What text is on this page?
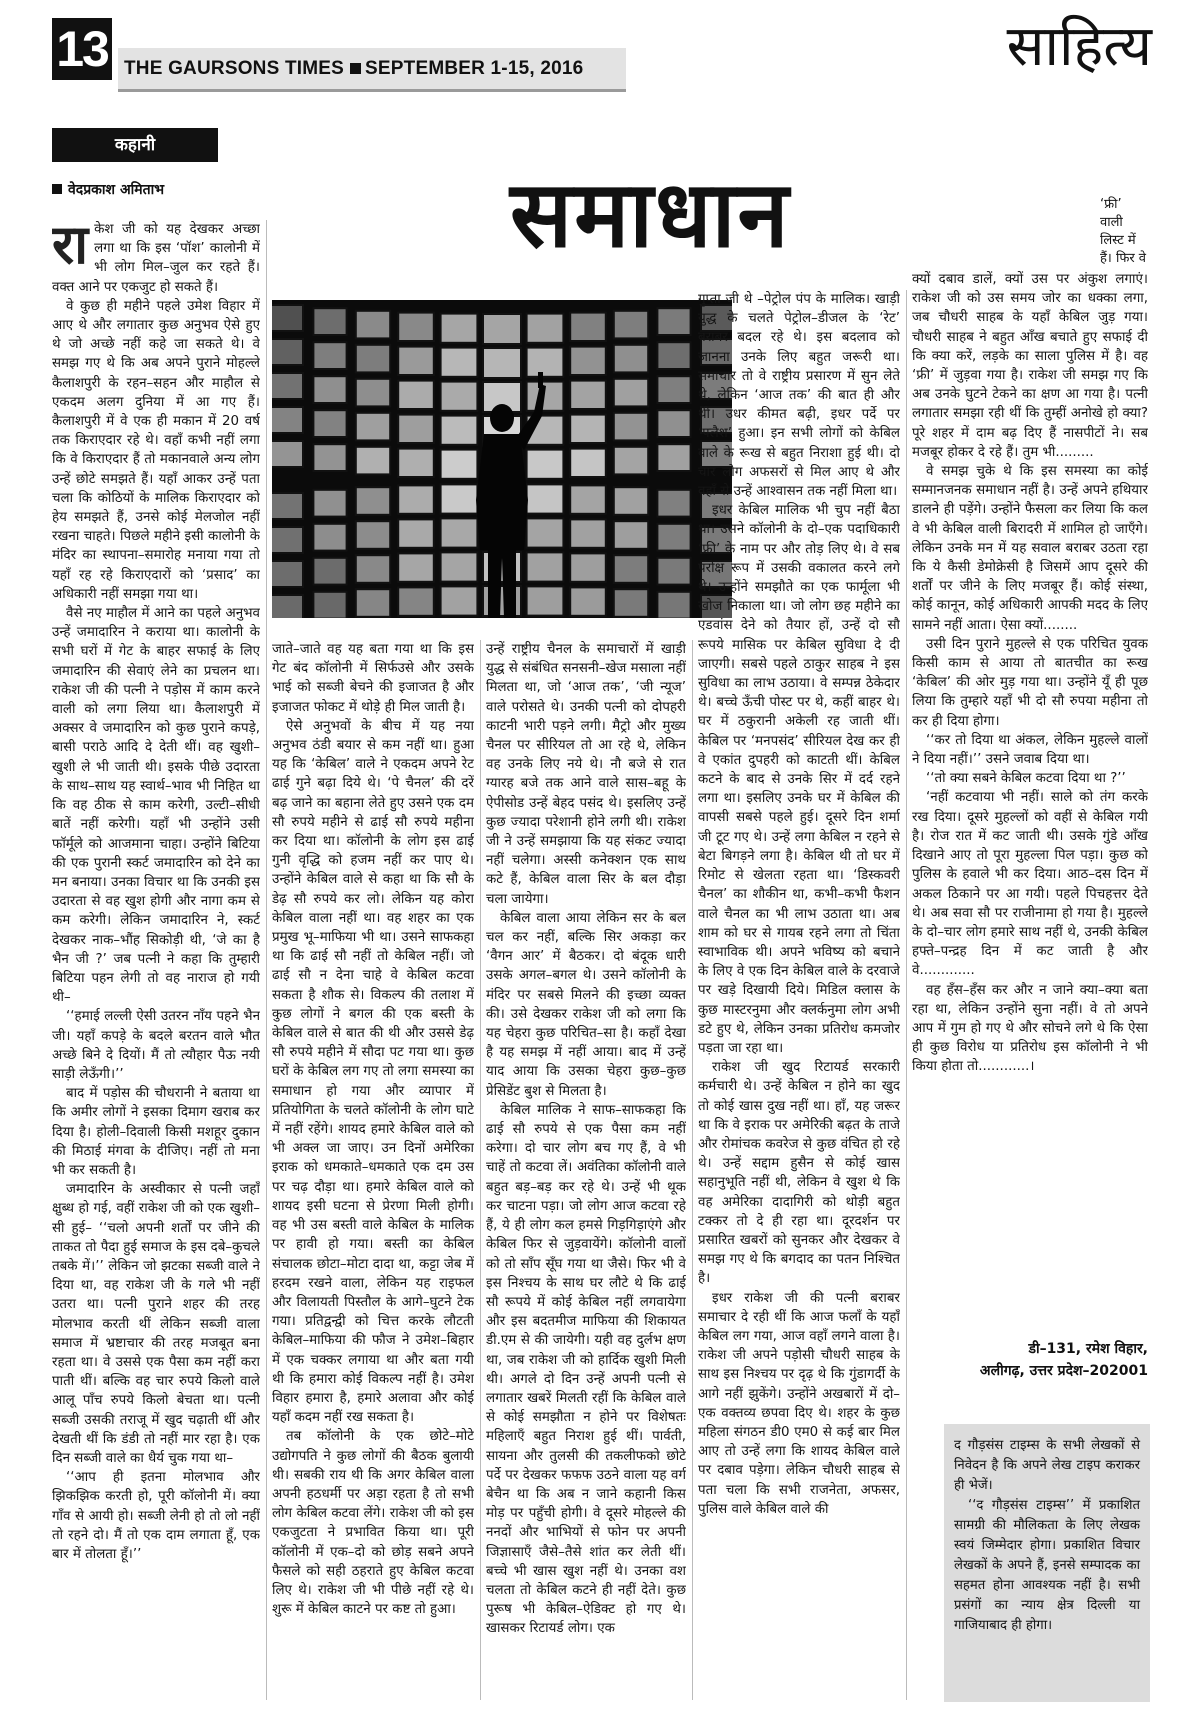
13 THE GAURSONS TIMES SEPTEMBER 1-15, 2016	साहित्य
कहानी
वेदप्रकाश अमिताभ	समाधान

राकेश जी को यह देखकर अच्छा लगा था कि इस ‘पॉश’ कालोनी में भी लोग मिल–जुल कर रहते हैं। वक्त आने पर एकजुट हो सकते हैं।

वे कुछ ही महीने पहले उमेश विहार में आए थे और लगातार कुछ अनुभव ऐसे हुए थे जो अच्छे नहीं कहे जा सकते थे। वे समझ गए थे कि अब अपने पुराने मोहल्ले कैलाशपुरी के रहन–सहन और माहौल से एकदम अलग दुनिया में आ गए हैं। कैलाशपुरी में वे एक ही मकान में 20 वर्ष तक किराएदार रहे थे। वहाँ कभी नहीं लगा कि वे किराएदार हैं तो मकानवाले अन्य लोग उन्हें छोटे समझते हैं। यहाँ आकर उन्हें पता चला कि कोठियों के मालिक किराएदार को हेय समझते हैं, उनसे कोई मेलजोल नहीं रखना चाहते। पिछले महीने इसी कालोनी के मंदिर का स्थापना–समारोह मनाया गया तो यहाँ रह रहे किराएदारों को ‘प्रसाद’ का अधिकारी नहीं समझा गया था।

वैसे नए माहौल में आने का पहले अनुभव उन्हें जमादारिन ने कराया था। कालोनी के सभी घरों में गेट के बाहर सफाई के लिए जमादारिन की सेवाएं लेने का प्रचलन था। राकेश जी की पत्नी ने पड़ोस में काम करने वाली को लगा लिया था। कैलाशपुरी में अक्सर वे जमादारिन को कुछ पुराने कपड़े, बासी पराठे आदि दे देती थीं। वह खुशी–खुशी ले भी जाती थी। इसके पीछे उदारता के साथ–साथ यह स्वार्थ–भाव भी निहित था कि वह ठीक से काम करेगी, उल्टी–सीधी बातें नहीं करेगी। यहाँ भी उन्होंने उसी फॉर्मूले को आजमाना चाहा। उन्होंने बिटिया की एक पुरानी स्कर्ट जमादारिन को देने का मन बनाया। उनका विचार था कि उनकी इस उदारता से वह खुश होगी और नागा कम से कम करेगी। लेकिन जमादारिन ने, स्कर्ट देखकर नाक–भौंह सिकोड़ी थी, ‘जे का है भैन जी ?’ जब पत्नी ने कहा कि तुम्हारी बिटिया पहन लेगी तो वह नाराज हो गयी थी–

‘‘हमाई लल्ली ऐसी उतरन नाँय पहने भैन जी। यहाँ कपड़े के बदले बरतन वाले भौत अच्छे बिने दे दियों। मैं तो त्यौहार पैऊ नयी साड़ी लेऊँगी।’’

बाद में पड़ोस की चौधरानी ने बताया था कि अमीर लोगों ने इसका दिमाग खराब कर दिया है। होली–दिवाली किसी मशहूर दुकान की मिठाई मंगवा के दीजिए। नहीं तो मना भी कर सकती है।

जमादारिन के अस्वीकार से पत्नी जहाँ क्षुब्ध हो गई, वहीं राकेश जी को एक खुशी–सी हुई– ‘‘चलो अपनी शर्तों पर जीने की ताकत तो पैदा हुई समाज के इस दबे–कुचले तबके में।’’ लेकिन जो झटका सब्जी वाले ने दिया था, वह राकेश जी के गले भी नहीं उतरा था। पत्नी पुराने शहर की तरह मोलभाव करती थीं लेकिन सब्जी वाला समाज में भ्रष्टाचार की तरह मजबूत बना रहता था। वे उससे एक पैसा कम नहीं करा पाती थीं। बल्कि वह चार रुपये किलो वाले आलू पाँच रुपये किलो बेचता था। पत्नी सब्जी उसकी तराजू में खुद चढ़ाती थीं और देखती थीं कि डंडी तो नहीं मार रहा है। एक दिन सब्जी वाले का धैर्य चुक गया था–

‘‘आप ही इतना मोलभाव और झिकझिक करती हो, पूरी कॉलोनी में। क्या गाँव से आयी हो। सब्जी लेनी हो तो लो नहीं तो रहने दो। मैं तो एक दाम लगाता हूँ, एक बार में तोलता हूँ।’’

जाते–जाते वह यह बता गया था कि इस गेट बंद कॉलोनी में सिर्फउसे और उसके भाई को सब्जी बेचने की इजाजत है और इजाजत फोकट में थोड़े ही मिल जाती है।

ऐसे अनुभवों के बीच में यह नया अनुभव ठंडी बयार से कम नहीं था। हुआ यह कि ‘केबिल’ वाले ने एकदम अपने रेट ढाई गुने बढ़ा दिये थे। ‘पे चैनल’ की दरें बढ़ जाने का बहाना लेते हुए उसने एक दम सौ रुपये महीने से ढाई सौ रुपये महीना कर दिया था। कॉलोनी के लोग इस ढाई गुनी वृद्धि को हजम नहीं कर पाए थे। उन्होंने केबिल वाले से कहा था कि सौ के डेढ़ सौ रुपये कर लो। लेकिन यह कोरा केबिल वाला नहीं था। वह शहर का एक प्रमुख भू–माफिया भी था। उसने साफकहा था कि ढाई सौ नहीं तो केबिल नहीं। जो ढाई सौ न देना चाहे वे केबिल कटवा सकता है शौक से। विकल्प की तलाश में कुछ लोगों ने बगल की एक बस्ती के केबिल वाले से बात की थी और उससे डेढ़ सौ रुपये महीने में सौदा पट गया था। कुछ घरों के केबिल लग गए तो लगा समस्या का समाधान हो गया और व्यापार में प्रतियोगिता के चलते कॉलोनी के लोग घाटे में नहीं रहेंगे। शायद हमारे केबिल वाले को भी अक्ल जा जाए। उन दिनों अमेरिका इराक को धमकाते–धमकाते एक दम उस पर चढ़ दौड़ा था। हमारे केबिल वाले को शायद इसी घटना से प्रेरणा मिली होगी। वह भी उस बस्ती वाले केबिल के मालिक पर हावी हो गया। बस्ती का केबिल संचालक छोटा–मोटा दादा था, कट्टा जेब में हरदम रखने वाला, लेकिन यह राइफल और विलायती पिस्तौल के आगे–घुटने टेक गया। प्रतिद्वन्द्वी को चित्त करके लौटती केबिल–माफिया की फौज ने उमेश–बिहार में एक चक्कर लगाया था और बता गयी थी कि हमारा कोई विकल्प नहीं है। उमेश विहार हमारा है, हमारे अलावा और कोई यहाँ कदम नहीं रख सकता है।

तब कॉलोनी के एक छोटे–मोटे उद्योगपति ने कुछ लोगों की बैठक बुलायी थी। सबकी राय थी कि अगर केबिल वाला अपनी हठधर्मी पर अड़ा रहता है तो सभी लोग केबिल कटवा लेंगे। राकेश जी को इस एकजुटता ने प्रभावित किया था। पूरी कॉलोनी में एक–दो को छोड़ सबने अपने फैसले को सही ठहराते हुए केबिल कटवा लिए थे। राकेश जी भी पीछे नहीं रहे थे। शुरू में केबिल काटने पर कष्ट तो हुआ।

उन्हें राष्ट्रीय चैनल के समाचारों में खाड़ी युद्ध से संबंधित सनसनी–खेज मसाला नहीं मिलता था, जो ‘आज तक’, ‘जी न्यूज’ वाले परोसते थे। उनकी पत्नी को दोपहरी काटनी भारी पड़ने लगी। मैट्रो और मुख्य चैनल पर सीरियल तो आ रहे थे, लेकिन वह उनके लिए नये थे। नौ बजे से रात ग्यारह बजे तक आने वाले सास–बहू के ऐपीसोड उन्हें बेहद पसंद थे। इसलिए उन्हें कुछ ज्यादा परेशानी होने लगी थी। राकेश जी ने उन्हें समझाया कि यह संकट ज्यादा नहीं चलेगा। अस्सी कनेक्शन एक साथ कटे हैं, केबिल वाला सिर के बल दौड़ा चला जायेगा।

केबिल वाला आया लेकिन सर के बल चल कर नहीं, बल्कि सिर अकड़ा कर ‘वैगन आर’ में बैठकर। दो बंदूक धारी उसके अगल–बगल थे। उसने कॉलोनी के मंदिर पर सबसे मिलने की इच्छा व्यक्त की। उसे देखकर राकेश जी को लगा कि यह चेहरा कुछ परिचित–सा है। कहाँ देखा है यह समझ में नहीं आया। बाद में उन्हें याद आया कि उसका चेहरा कुछ–कुछ प्रेसिडेंट बुश से मिलता है।

केबिल मालिक ने साफ–साफकहा कि ढाई सौ रुपये से एक पैसा कम नहीं करेगा। दो चार लोग बच गए हैं, वे भी चाहें तो कटवा लें। अवंतिका कॉलोनी वाले बहुत बड़–बड़ कर रहे थे। उन्हें भी थूक कर चाटना पड़ा। जो लोग आज कटवा रहे हैं, ये ही लोग कल हमसे गिड़गिड़ाएंगे और केबिल फिर से जुड़वायेंगे। कॉलोनी वालों को तो साँप सूँघ गया था जैसे। फिर भी वे इस निश्चय के साथ घर लौटे थे कि ढाई सौ रूपये में कोई केबिल नहीं लगवायेगा और इस बदतमीज माफिया की शिकायत डी.एम से की जायेगी। यही वह दुर्लभ क्षण था, जब राकेश जी को हार्दिक खुशी मिली थी। अगले दो दिन उन्हें अपनी पत्नी से लगातार खबरें मिलती रहीं कि केबिल वाले से कोई समझौता न होने पर विशेषतः महिलाएँ बहुत निराश हुई थीं। पार्वती, सायना और तुलसी की तकलीफको छोटे पर्दे पर देखकर फफफ उठने वाला यह वर्ग बेचैन था कि अब न जाने कहानी किस मोड़ पर पहुँची होगी। वे दूसरे मोहल्ले की ननदों और भाभियों से फोन पर अपनी जिज्ञासाएँ जैसे–तैसे शांत कर लेती थीं। बच्चे भी खास खुश नहीं थे। उनका वश चलता तो केबिल कटने ही नहीं देते। कुछ पुरूष भी केबिल–ऐडिक्ट हो गए थे। खासकर रिटायर्ड लोग। एक

गुप्ता जी थे –पेट्रोल पंप के मालिक। खाड़ी युद्ध के चलते पेट्रोल–डीजल के ‘रेट’ बराबर बदल रहे थे। इस बदलाव को जानना उनके लिए बहुत जरूरी था। समाचार तो वे राष्ट्रीय प्रसारण में सुन लेते थे, लेकिन ‘आज तक’ की बात ही और थी। उधर कीमत बढ़ी, इधर पर्दे पर ‘फ्लैश’ हुआ। इन सभी लोगों को केबिल वाले के रूख से बहुत निराशा हुई थी। दो चार लोग अफसरों से मिल आए थे और वहाँ से उन्हें आश्वासन तक नहीं मिला था।

इधर केबिल मालिक भी चुप नहीं बैठा था। उसने कॉलोनी के दो–एक पदाधिकारी ‘फ्री’ के नाम पर और तोड़ लिए थे। वे सब परोक्ष रूप में उसकी वकालत करने लगे थे। उन्होंने समझौते का एक फार्मूला भी खोज निकाला था। जो लोग छह महीने का एडवांस देने को तैयार हों, उन्हें दो सौ रूपये मासिक पर केबिल सुविधा दे दी जाएगी। सबसे पहले ठाकुर साहब ने इस सुविधा का लाभ उठाया। वे सम्पन्न ठेकेदार थे। बच्चे ऊँची पोस्ट पर थे, कहीं बाहर थे। घर में ठकुरानी अकेली रह जाती थीं। केबिल पर ‘मनपसंद’ सीरियल देख कर ही वे एकांत दुपहरी को काटती थीं। केबिल कटने के बाद से उनके सिर में दर्द रहने लगा था। इसलिए उनके घर में केबिल की वापसी सबसे पहले हुई। दूसरे दिन शर्मा जी टूट गए थे। उन्हें लगा केबिल न रहने से बेटा बिगड़ने लगा है। केबिल थी तो घर में रिमोट से खेलता रहता था। ‘डिस्कवरी चैनल’ का शौकीन था, कभी–कभी फैशन वाले चैनल का भी लाभ उठाता था। अब शाम को घर से गायब रहने लगा तो चिंता स्वाभाविक थी। अपने भविष्य को बचाने के लिए वे एक दिन केबिल वाले के दरवाजे पर खड़े दिखायी दिये। मिडिल क्लास के कुछ मास्टरनुमा और क्लर्कनुमा लोग अभी डटे हुए थे, लेकिन उनका प्रतिरोध कमजोर पड़ता जा रहा था।

राकेश जी खुद रिटायर्ड सरकारी कर्मचारी थे। उन्हें केबिल न होने का खुद तो कोई खास दुख नहीं था। हाँ, यह जरूर था कि वे इराक पर अमेरिकी बढ़त के ताजे और रोमांचक कवरेज से कुछ वंचित हो रहे थे। उन्हें सद्दाम हुसैन से कोई खास सहानुभूति नहीं थी, लेकिन वे खुश थे कि वह अमेरिका दादागिरी को थोड़ी बहुत टक्कर तो दे ही रहा था। दूरदर्शन पर प्रसारित खबरों को सुनकर और देखकर वे समझ गए थे कि बगदाद का पतन निश्चित है।

इधर राकेश जी की पत्नी बराबर समाचार दे रही थीं कि आज फलाँ के यहाँ केबिल लग गया, आज वहाँ लगने वाला है। राकेश जी अपने पड़ोसी चौधरी साहब के साथ इस निश्चय पर दृढ़ थे कि गुंडागर्दी के आगे नहीं झुकेंगे। उन्होंने अखबारों में दो–एक वक्तव्य छपवा दिए थे। शहर के कुछ महिला संगठन डी0 एम0 से कई बार मिल आए तो उन्हें लगा कि शायद केबिल वाले पर दबाव पड़ेगा। लेकिन चौधरी साहब से पता चला कि सभी राजनेता, अफसर, पुलिस वाले केबिल वाले की

‘फ्री’ वाली लिस्ट में हैं। फिर वे

क्यों दबाव डालें, क्यों उस पर अंकुश लगाएं। राकेश जी को उस समय जोर का धक्का लगा, जब चौधरी साहब के यहाँ केबिल जुड़ गया। चौधरी साहब ने बहुत आँख बचाते हुए सफाई दी कि क्या करें, लड़के का साला पुलिस में है। वह ‘फ्री’ में जुड़वा गया है। राकेश जी समझ गए कि अब उनके घुटने टेकने का क्षण आ गया है। पत्नी लगातार समझा रही थीं कि तुम्हीं अनोखे हो क्या? पूरे शहर में दाम बढ़ दिए हैं नासपीटों ने। सब मजबूर होकर दे रहे हैं। तुम भी.........

वे समझ चुके थे कि इस समस्या का कोई सम्मानजनक समाधान नहीं है। उन्हें अपने हथियार डालने ही पड़ेंगे। उन्होंने फैसला कर लिया कि कल वे भी केबिल वाली बिरादरी में शामिल हो जाएँगे। लेकिन उनके मन में यह सवाल बराबर उठता रहा कि ये कैसी डेमोक्रेसी है जिसमें आप दूसरे की शर्तों पर जीने के लिए मजबूर हैं। कोई संस्था, कोई कानून, कोई अधिकारी आपकी मदद के लिए सामने नहीं आता। ऐसा क्यों........

उसी दिन पुराने मुहल्ले से एक परिचित युवक किसी काम से आया तो बातचीत का रूख ‘केबिल’ की ओर मुड़ गया था। उन्होंने यूँ ही पूछ लिया कि तुम्हारे यहाँ भी दो सौ रुपया महीना तो कर ही दिया होगा।

‘‘कर तो दिया था अंकल, लेकिन मुहल्ले वालों ने दिया नहीं।’’ उसने जवाब दिया था।

‘‘तो क्या सबने केबिल कटवा दिया था ?’’

‘नहीं कटवाया भी नहीं। साले को तंग करके रख दिया। दूसरे मुहल्लों को वहीं से केबिल गयी है। रोज रात में कट जाती थी। उसके गुंडे आँख दिखाने आए तो पूरा मुहल्ला पिल पड़ा। कुछ को पुलिस के हवाले भी कर दिया। आठ–दस दिन में अकल ठिकाने पर आ गयी। पहले पिचहत्तर देते थे। अब सवा सौ पर राजीनामा हो गया है। मुहल्ले के दो–चार लोग हमारे साथ नहीं थे, उनकी केबिल हफ्ते–पन्द्रह दिन में कट जाती है और वे.............

वह हँस–हँस कर और न जाने क्या–क्या बता रहा था, लेकिन उन्होंने सुना नहीं। वे तो अपने आप में गुम हो गए थे और सोचने लगे थे कि ऐसा ही कुछ विरोध या प्रतिरोध इस कॉलोनी ने भी किया होता तो............।

डी–131, रमेश विहार,
अलीगढ़, उत्तर प्रदेश–202001

द गौड़संस टाइम्स के सभी लेखकों से निवेदन है कि अपने लेख टाइप कराकर ही भेजें।

‘‘द गौड़संस टाइम्स’’ में प्रकाशित सामग्री की मौलिकता के लिए लेखक स्वयं जिम्मेदार होगा। प्रकाशित विचार लेखकों के अपने हैं, इनसे सम्पादक का सहमत होना आवश्यक नहीं है। सभी प्रसंगों का न्याय क्षेत्र दिल्ली या गाजियाबाद ही होगा।
